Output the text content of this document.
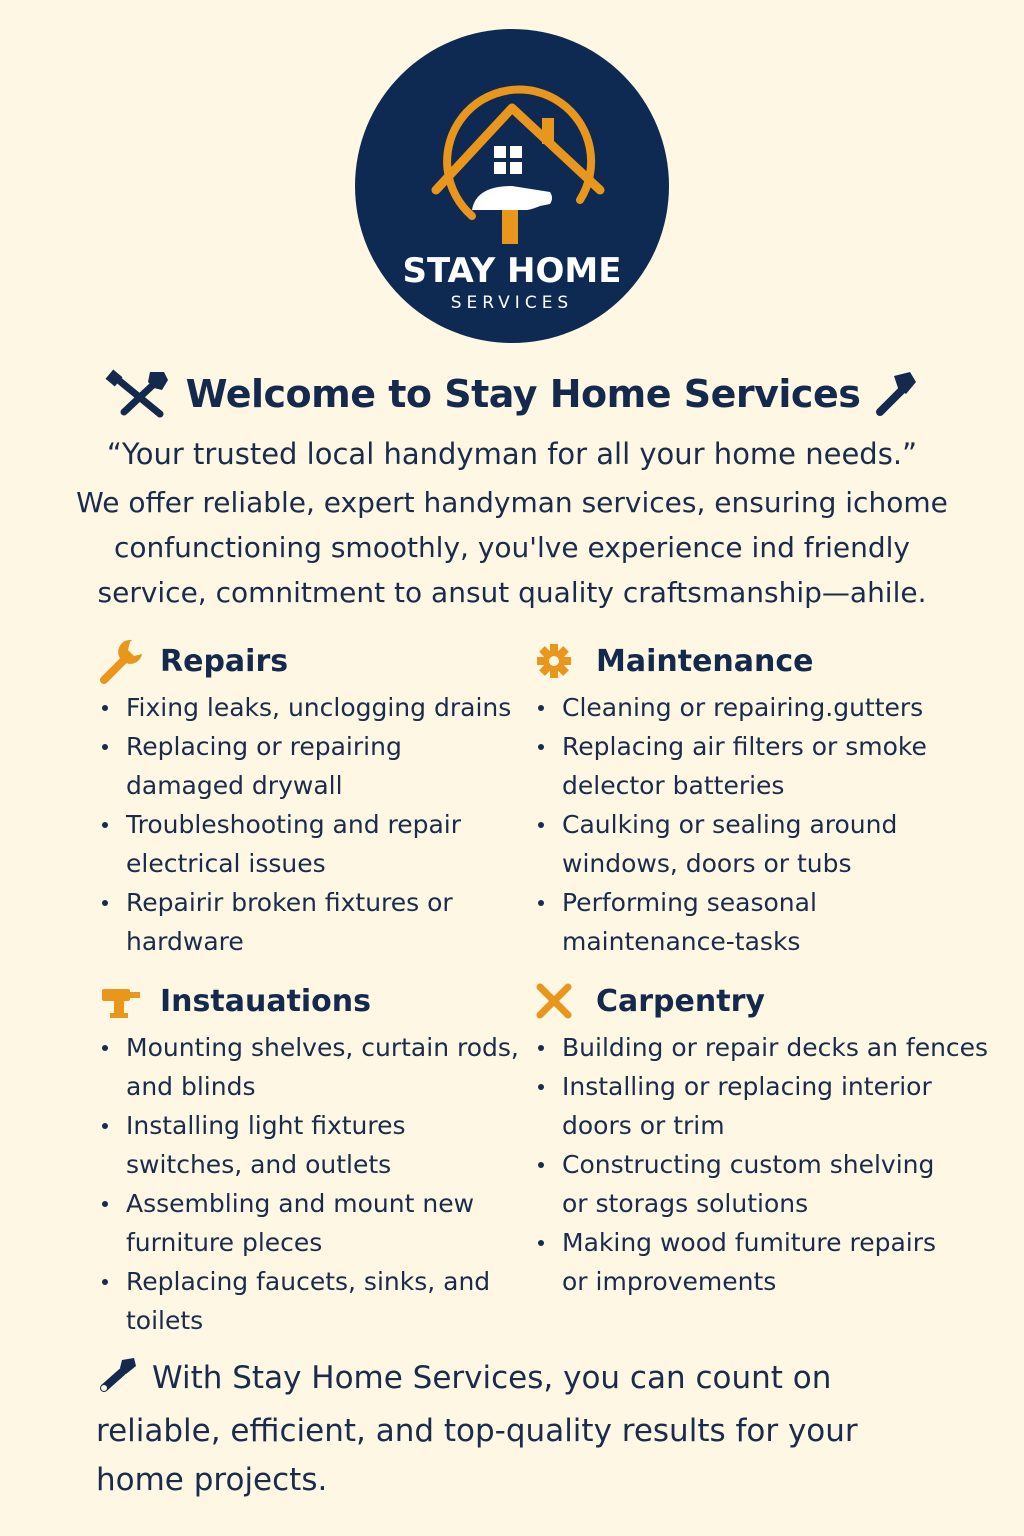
STAY HOME
SERVICES
Welcome to Stay Home Services
“Your trusted local handyman for all your home needs.”
We offer reliable, expert handyman services, ensuring ichome
confunctioning smoothly, you'lve experience ind friendly
service, comnitment to ansut quality craftsmanship—ahile.
Repairs
Fixing leaks, unclogging drains
Replacing or repairing
damaged drywall
Troubleshooting and repair
electrical issues
Repairir broken fixtures or
hardware
Maintenance
Cleaning or repairing.gutters
Replacing air filters or smoke
delector batteries
Caulking or sealing around
windows, doors or tubs
Performing seasonal
maintenance-tasks
Instauations
Mounting shelves, curtain rods,
and blinds
Installing light fixtures
switches, and outlets
Assembling and mount new
furniture pleces
Replacing faucets, sinks, and
toilets
Carpentry
Building or repair decks an fences
Installing or replacing interior
doors or trim
Constructing custom shelving
or storags solutions
Making wood fumiture repairs
or improvements
With Stay Home Services, you can count on
reliable, efficient, and top-quality results for your
home projects.
